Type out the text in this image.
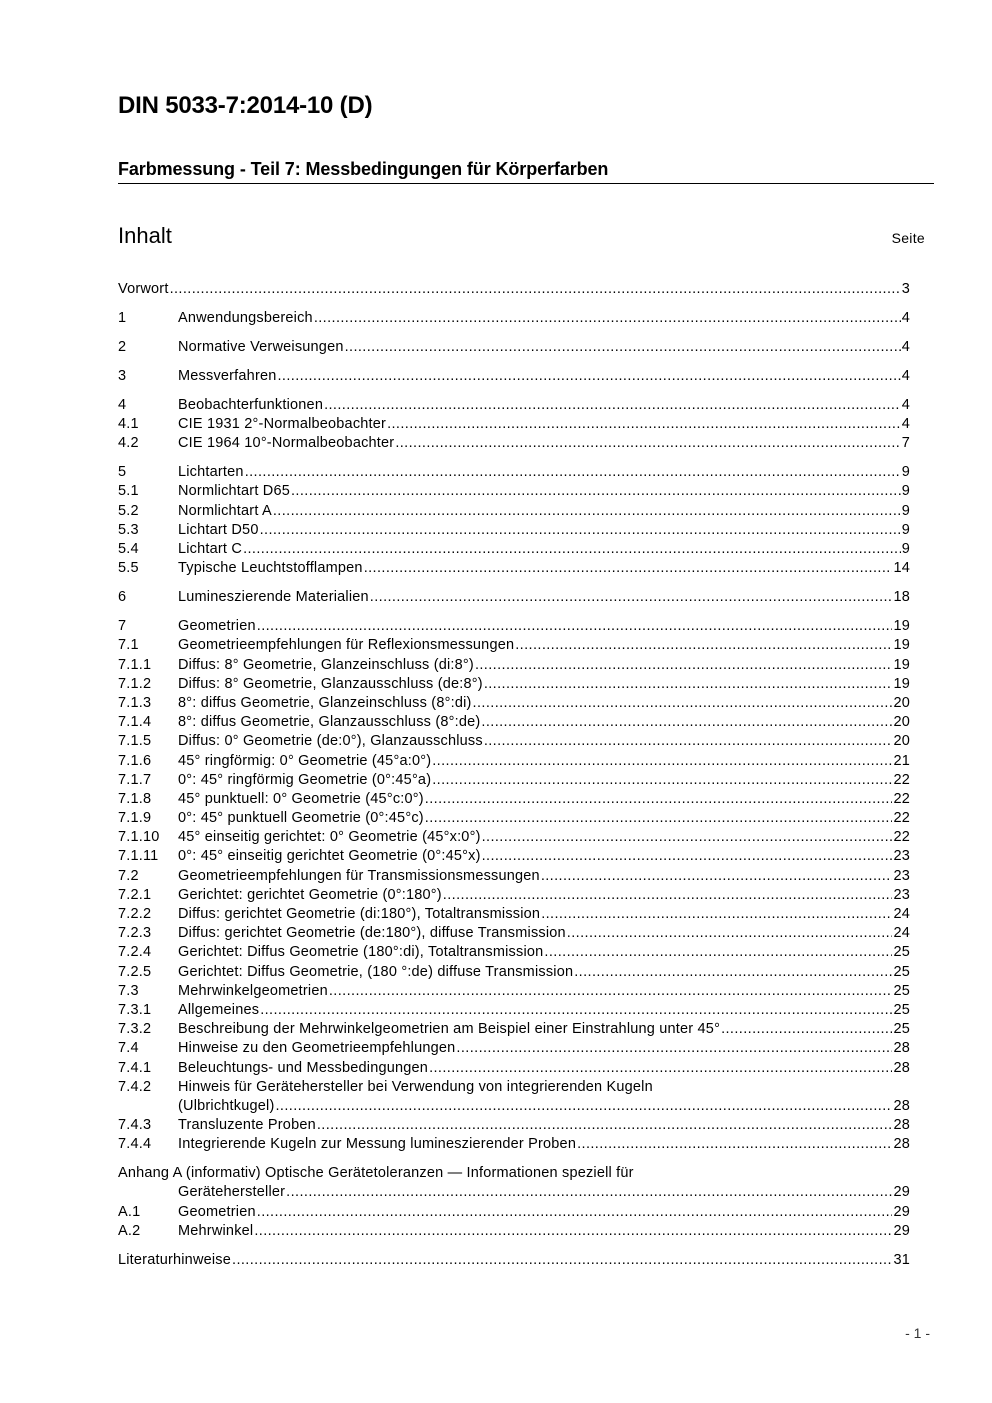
DIN 5033-7:2014-10 (D)
Farbmessung - Teil 7: Messbedingungen für Körperfarben
Inhalt	Seite
Vorwort .....	3
1	Anwendungsbereich .....	4
2	Normative Verweisungen .....	4
3	Messverfahren .....	4
4	Beobachterfunktionen .....	4
4.1	CIE 1931 2°-Normalbeobachter .....	4
4.2	CIE 1964 10°-Normalbeobachter .....	7
5	Lichtarten .....	9
5.1	Normlichtart D65 .....	9
5.2	Normlichtart A .....	9
5.3	Lichtart D50 .....	9
5.4	Lichtart C .....	9
5.5	Typische Leuchtstofflampen .....	14
6	Lumineszierende Materialien .....	18
7	Geometrien .....	19
7.1	Geometrieempfehlungen für Reflexionsmessungen .....	19
7.1.1	Diffus: 8° Geometrie, Glanzeinschluss (di:8°) .....	19
7.1.2	Diffus: 8° Geometrie, Glanzausschluss (de:8°) .....	19
7.1.3	8°: diffus Geometrie, Glanzeinschluss (8°:di) .....	20
7.1.4	8°: diffus Geometrie, Glanzausschluss (8°:de) .....	20
7.1.5	Diffus: 0° Geometrie (de:0°), Glanzausschluss .....	20
7.1.6	45° ringförmig: 0° Geometrie (45°a:0°) .....	21
7.1.7	0°: 45° ringförmig Geometrie (0°:45°a) .....	22
7.1.8	45° punktuell: 0° Geometrie (45°c:0°) .....	22
7.1.9	0°: 45° punktuell Geometrie (0°:45°c) .....	22
7.1.10	45° einseitig gerichtet: 0° Geometrie (45°x:0°) .....	22
7.1.11	0°: 45° einseitig gerichtet Geometrie (0°:45°x) .....	23
7.2	Geometrieempfehlungen für Transmissionsmessungen .....	23
7.2.1	Gerichtet: gerichtet Geometrie (0°:180°) .....	23
7.2.2	Diffus: gerichtet Geometrie (di:180°), Totaltransmission .....	24
7.2.3	Diffus: gerichtet Geometrie (de:180°), diffuse Transmission .....	24
7.2.4	Gerichtet: Diffus Geometrie (180°:di), Totaltransmission .....	25
7.2.5	Gerichtet: Diffus Geometrie, (180 °:de) diffuse Transmission .....	25
7.3	Mehrwinkelgeometrien .....	25
7.3.1	Allgemeines .....	25
7.3.2	Beschreibung der Mehrwinkelgeometrien am Beispiel einer Einstrahlung unter 45° .....	25
7.4	Hinweise zu den Geometrieempfehlungen .....	28
7.4.1	Beleuchtungs- und Messbedingungen .....	28
7.4.2	Hinweis für Gerätehersteller bei Verwendung von integrierenden Kugeln
(Ulbrichtkugel) .....	28
7.4.3	Transluzente Proben .....	28
7.4.4	Integrierende Kugeln zur Messung lumineszierender Proben .....	28
Anhang A (informativ) Optische Gerätetoleranzen — Informationen speziell für
Gerätehersteller .....	29
A.1	Geometrien .....	29
A.2	Mehrwinkel .....	29
Literaturhinweise .....	31
- 1 -
